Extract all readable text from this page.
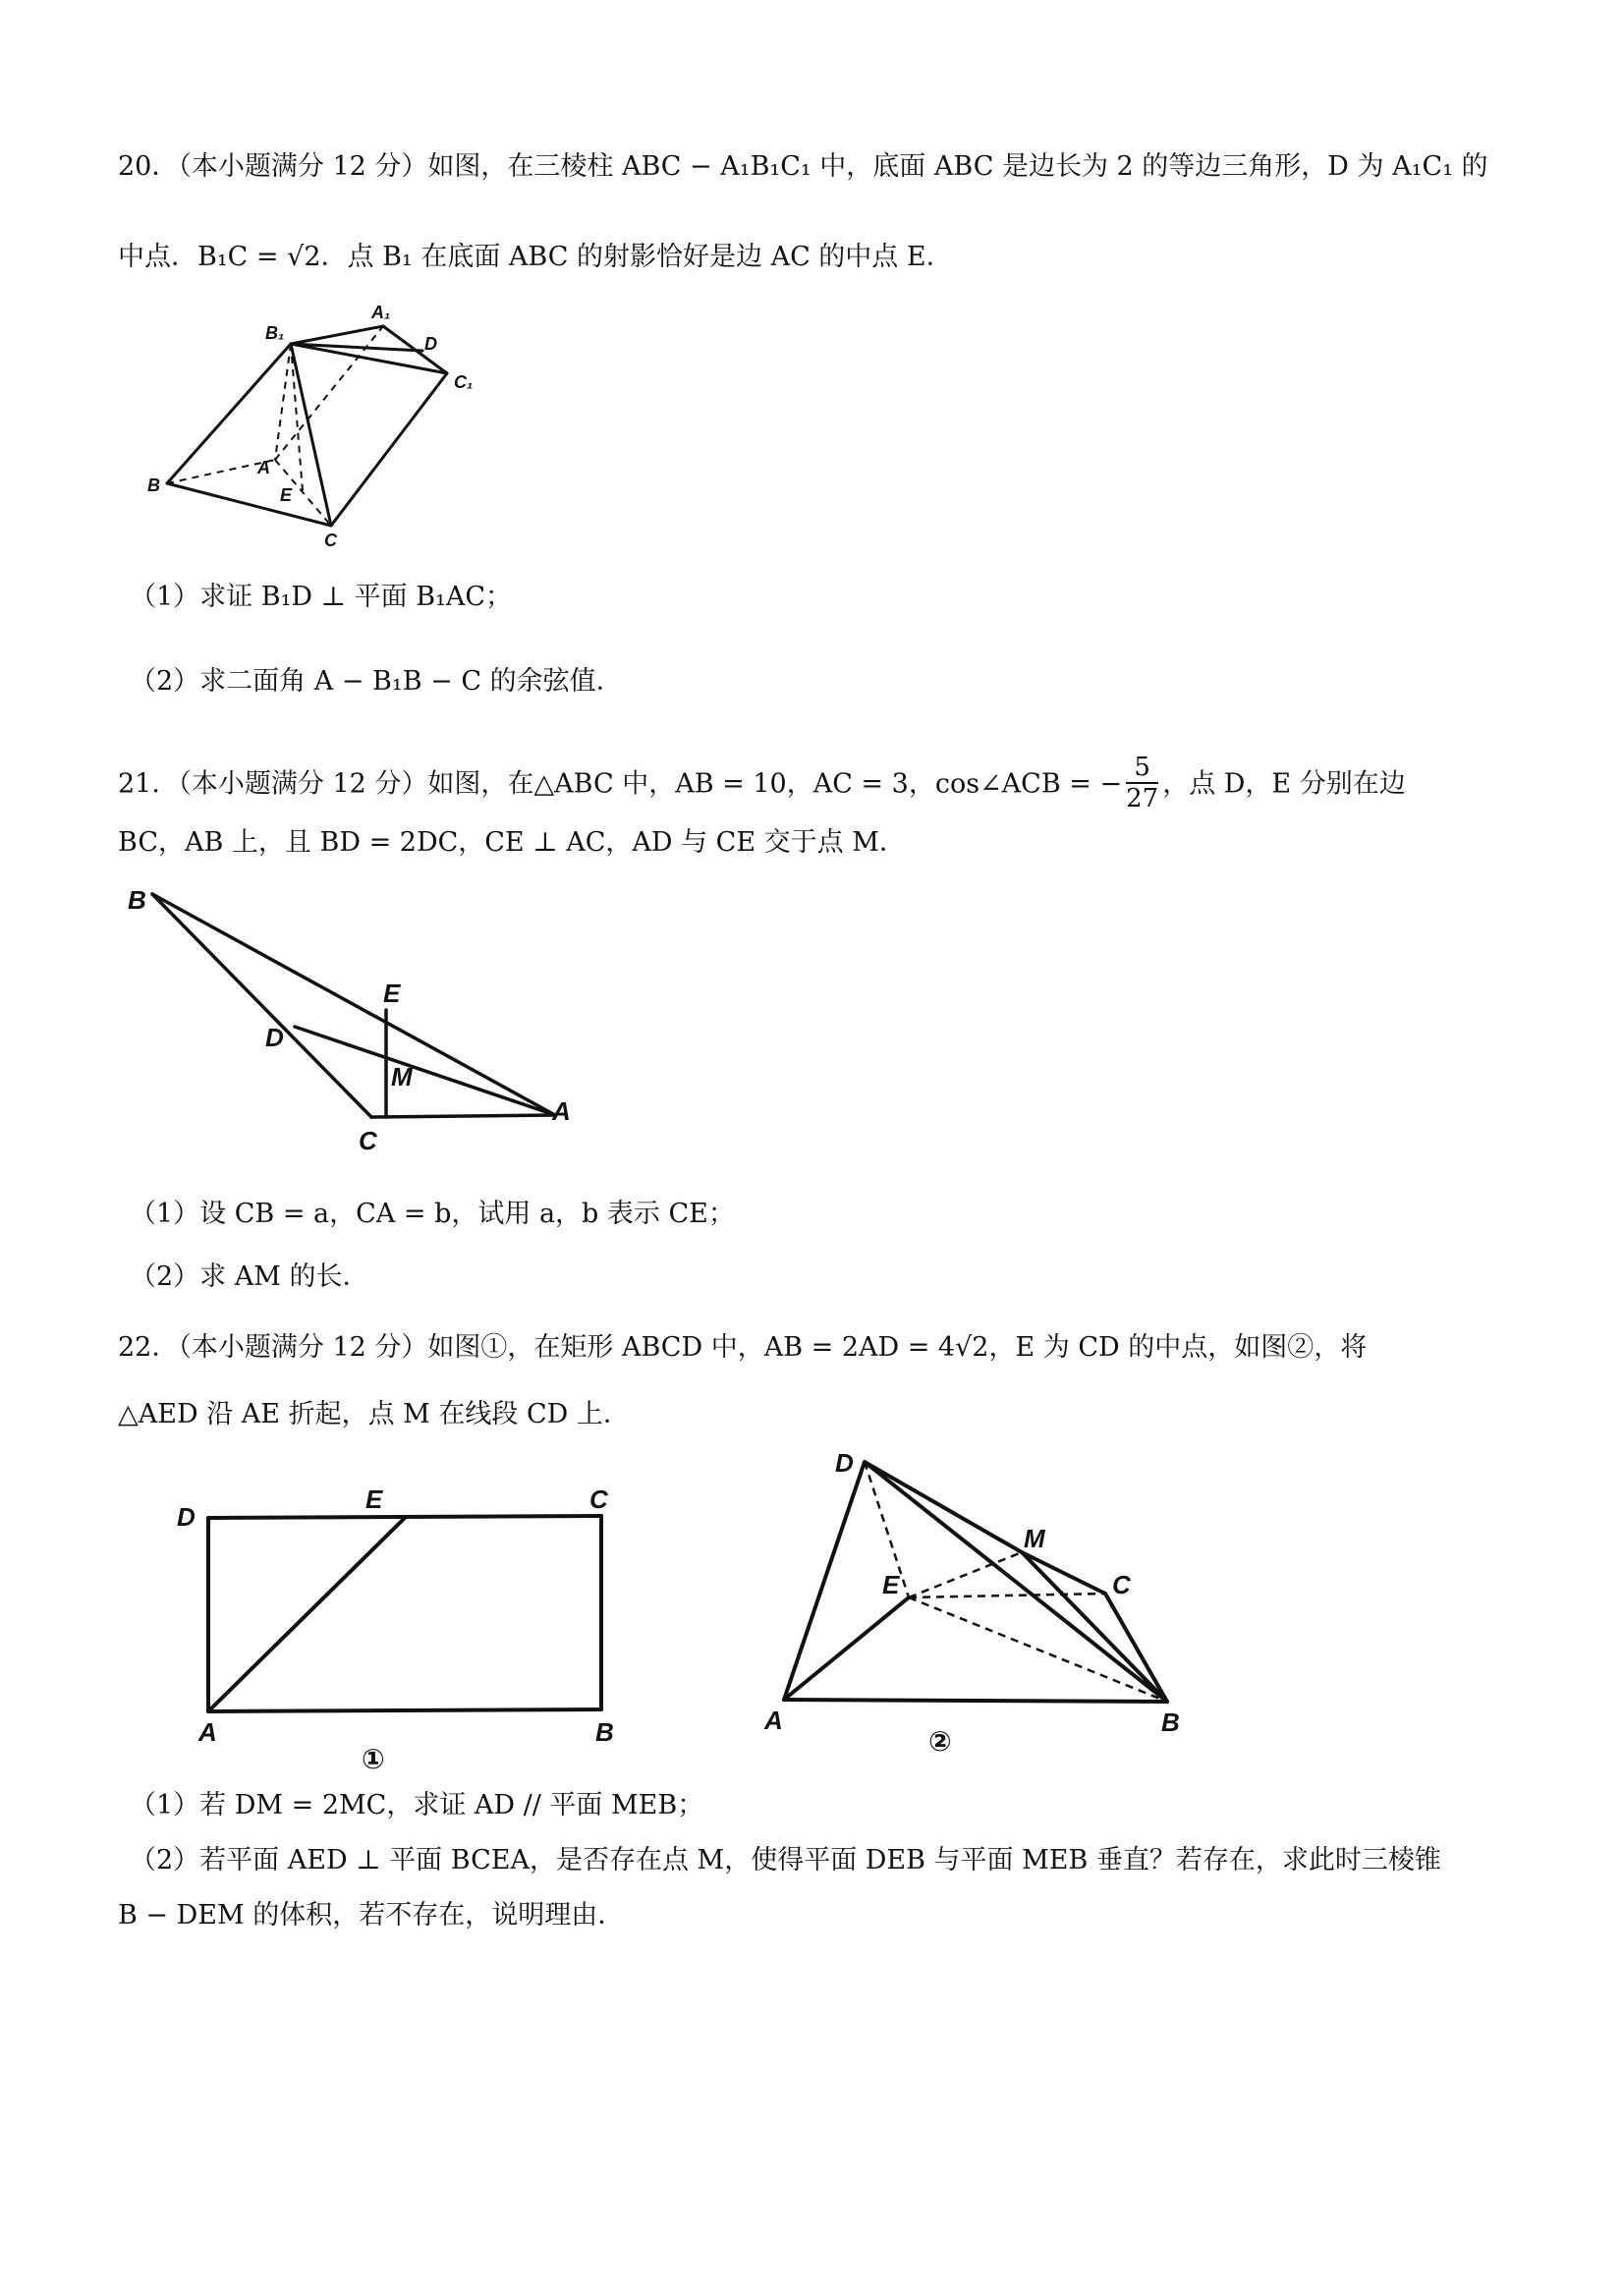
20．（本小题满分 12 分）如图，在三棱柱 ABC − A₁B₁C₁ 中，底面 ABC 是边长为 2 的等边三角形，D 为 A₁C₁ 的
中点．B₁C = √2．点 B₁ 在底面 ABC 的射影恰好是边 AC 的中点 E．
B₁
A₁
D
C₁
A
B	E
C
（1）求证 B₁D ⊥ 平面 B₁AC；
（2）求二面角 A − B₁B − C 的余弦值．
21．（本小题满分 12 分）如图，在△ABC 中，AB = 10，AC = 3，cos∠ACB = − $\frac{5}{27}$ ，点 D，E 分别在边
BC，AB 上，且 BD = 2DC，CE ⊥ AC，AD 与 CE 交于点 M．
B
E
D
M
C
A
（1）设 CB = a，CA = b，试用 a，b 表示 CE；
（2）求 AM 的长．
22．（本小题满分 12 分）如图①，在矩形 ABCD 中，AB = 2AD = 4√2，E 为 CD 的中点，如图②，将
△AED 沿 AE 折起，点 M 在线段 CD 上．
D
E	C
A	B
①
D
M
E	C
A	B
②
（1）若 DM = 2MC，求证 AD // 平面 MEB；
（2）若平面 AED ⊥ 平面 BCEA，是否存在点 M，使得平面 DEB 与平面 MEB 垂直？若存在，求此时三棱锥
B − DEM 的体积，若不存在，说明理由．
